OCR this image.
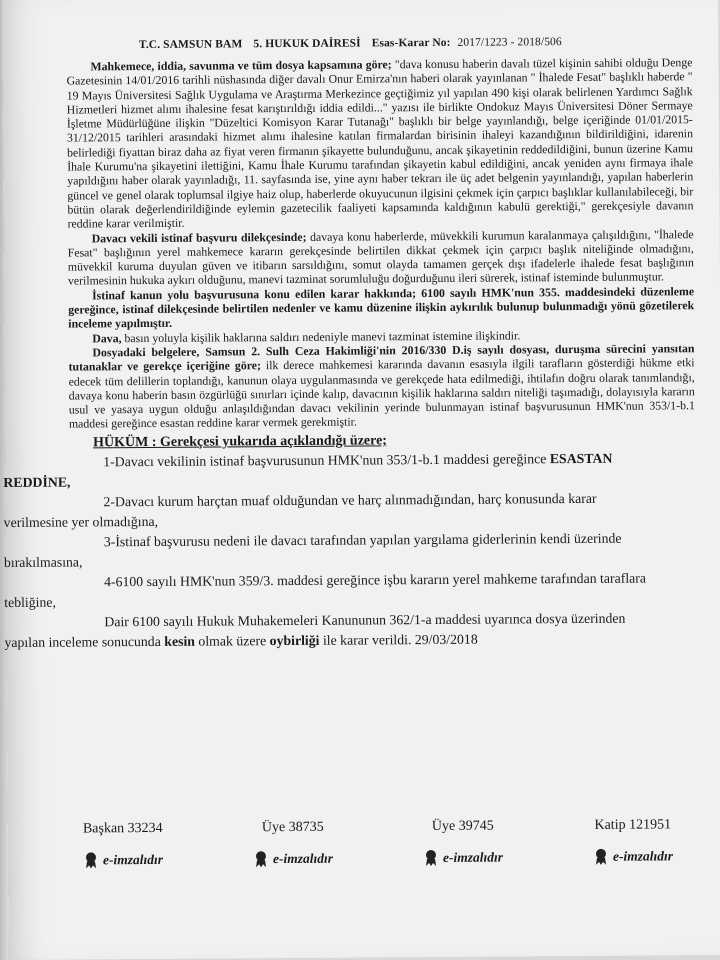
T.C. SAMSUN BAM 5. HUKUK DAİRESİ Esas-Karar No: 2017/1223 - 2018/506

Mahkemece, iddia, savunma ve tüm dosya kapsamına göre; "dava konusu haberin davalı tüzel kişinin sahibi olduğu Denge Gazetesinin 14/01/2016 tarihli nüshasında diğer davalı Onur Emirza'nın haberi olarak yayınlanan " İhalede Fesat" başlıklı haberde " 19 Mayıs Üniversitesi Sağlık Uygulama ve Araştırma Merkezince geçtiğimiz yıl yapılan 490 kişi olarak belirlenen Yardımcı Sağlık Hizmetleri hizmet alımı ihalesine fesat karıştırıldığı iddia edildi..." yazısı ile birlikte Ondokuz Mayıs Üniversitesi Döner Sermaye İşletme Müdürlüğüne ilişkin "Düzeltici Komisyon Karar Tutanağı" başlıklı bir belge yayınlandığı, belge içeriğinde 01/01/2015-31/12/2015 tarihleri arasındaki hizmet alımı ihalesine katılan firmalardan birisinin ihaleyi kazandığının bildirildiğini, idarenin belirlediği fiyattan biraz daha az fiyat veren firmanın şikayette bulunduğunu, ancak şikayetinin reddedildiğini, bunun üzerine Kamu İhale Kurumu'na şikayetini ilettiğini, Kamu İhale Kurumu tarafından şikayetin kabul edildiğini, ancak yeniden aynı firmaya ihale yapıldığını haber olarak yayınladığı, 11. sayfasında ise, yine aynı haber tekrarı ile üç adet belgenin yayınlandığı, yapılan haberlerin güncel ve genel olarak toplumsal ilgiye haiz olup, haberlerde okuyucunun ilgisini çekmek için çarpıcı başlıklar kullanılabileceği, bir bütün olarak değerlendirildiğinde eylemin gazetecilik faaliyeti kapsamında kaldığının kabulü gerektiği," gerekçesiyle davanın reddine karar verilmiştir.

Davacı vekili istinaf başvuru dilekçesinde; davaya konu haberlerde, müvekkili kurumun karalanmaya çalışıldığını, "İhalede Fesat" başlığının yerel mahkemece kararın gerekçesinde belirtilen dikkat çekmek için çarpıcı başlık niteliğinde olmadığını, müvekkil kuruma duyulan güven ve itibarın sarsıldığını, somut olayda tamamen gerçek dışı ifadelerle ihalede fesat başlığının verilmesinin hukuka aykırı olduğunu, manevi tazminat sorumluluğu doğurduğunu ileri sürerek, istinaf isteminde bulunmuştur.

İstinaf kanun yolu başvurusuna konu edilen karar hakkında; 6100 sayılı HMK'nun 355. maddesindeki düzenleme gereğince, istinaf dilekçesinde belirtilen nedenler ve kamu düzenine ilişkin aykırılık bulunup bulunmadığı yönü gözetilerek inceleme yapılmıştır.

Dava, basın yoluyla kişilik haklarına saldırı nedeniyle manevi tazminat istemine ilişkindir.

Dosyadaki belgelere, Samsun 2. Sulh Ceza Hakimliği'nin 2016/330 D.iş sayılı dosyası, duruşma sürecini yansıtan tutanaklar ve gerekçe içeriğine göre; ilk derece mahkemesi kararında davanın esasıyla ilgili tarafların gösterdiği hükme etki edecek tüm delillerin toplandığı, kanunun olaya uygulanmasında ve gerekçede hata edilmediği, ihtilafın doğru olarak tanımlandığı, davaya konu haberin basın özgürlüğü sınırları içinde kalıp, davacının kişilik haklarına saldırı niteliği taşımadığı, dolayısıyla kararın usul ve yasaya uygun olduğu anlaşıldığından davacı vekilinin yerinde bulunmayan istinaf başvurusunun HMK'nun 353/1-b.1 maddesi gereğince esastan reddine karar vermek gerekmiştir.

HÜKÜM : Gerekçesi yukarıda açıklandığı üzere;

1-Davacı vekilinin istinaf başvurusunun HMK'nun 353/1-b.1 maddesi gereğince ESASTAN
REDDİNE,

2-Davacı kurum harçtan muaf olduğundan ve harç alınmadığından, harç konusunda karar
verilmesine yer olmadığına,

3-İstinaf başvurusu nedeni ile davacı tarafından yapılan yargılama giderlerinin kendi üzerinde
bırakılmasına,

4-6100 sayılı HMK'nun 359/3. maddesi gereğince işbu kararın yerel mahkeme tarafından taraflara
tebliğine,

Dair 6100 sayılı Hukuk Muhakemeleri Kanununun 362/1-a maddesi uyarınca dosya üzerinden
yapılan inceleme sonucunda kesin olmak üzere oybirliği ile karar verildi. 29/03/2018

Başkan 33234
e-imzalıdır
Üye 38735
e-imzalıdır
Üye 39745
e-imzalıdır
Katip 121951
e-imzalıdır
